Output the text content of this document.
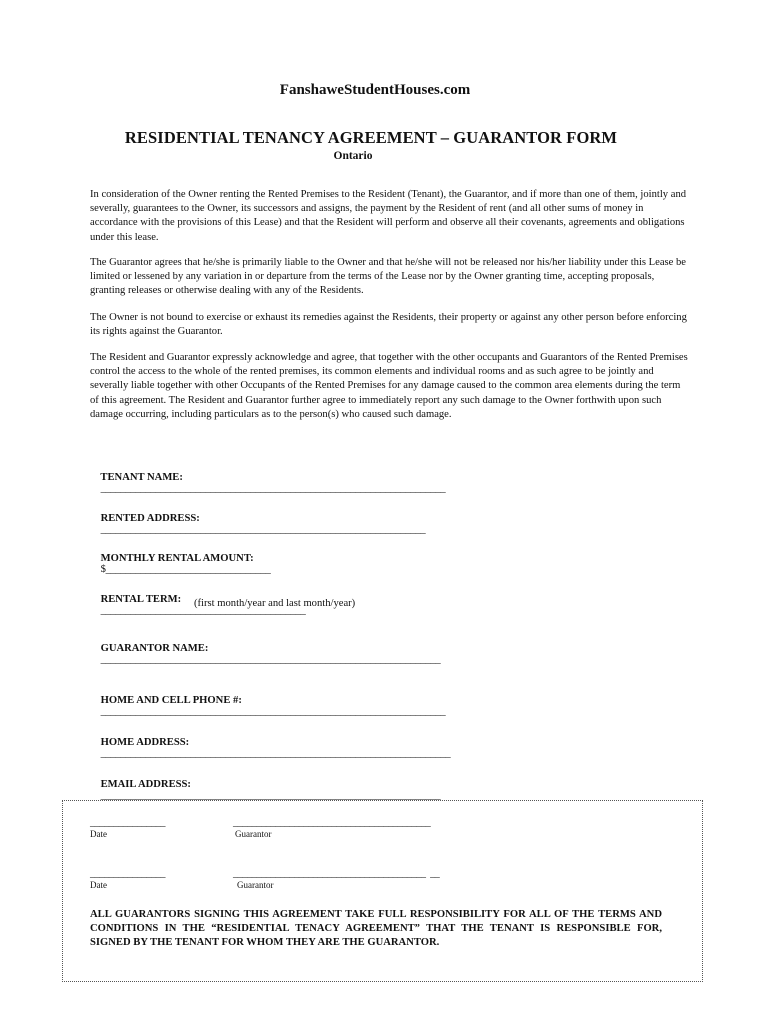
FanshaweStudentHouses.com
RESIDENTIAL TENANCY AGREEMENT – GUARANTOR FORM
Ontario

In consideration of the Owner renting the Rented Premises to the Resident (Tenant), the Guarantor, and if more than one of them, jointly and severally, guarantees to the Owner, its successors and assigns, the payment by the Resident of rent (and all other sums of money in accordance with the provisions of this Lease) and that the Resident will perform and observe all their covenants, agreements and obligations under this lease.

The Guarantor agrees that he/she is primarily liable to the Owner and that he/she will not be released nor his/her liability under this Lease be limited or lessened by any variation in or departure from the terms of the Lease nor by the Owner granting time, accepting proposals, granting releases or otherwise dealing with any of the Residents.

The Owner is not bound to exercise or exhaust its remedies against the Residents, their property or against any other person before enforcing its rights against the Guarantor.

The Resident and Guarantor expressly acknowledge and agree, that together with the other occupants and Guarantors of the Rented Premises control the access to the whole of the rented premises, its common elements and individual rooms and as such agree to be jointly and severally liable together with other Occupants of the Rented Premises for any damage caused to the common area elements during the term of this agreement. The Resident and Guarantor further agree to immediately report any such damage to the Owner forthwith upon such damage occurring, including particulars as to the person(s) who caused such damage.

TENANT NAME:
_____________________________________________________________________

RENTED ADDRESS:
_________________________________________________________________

MONTHLY RENTAL AMOUNT:
$_________________________________

RENTAL TERM:
_________________________________________

(first month/year and last month/year)

GUARANTOR NAME:
____________________________________________________________________

HOME AND CELL PHONE #:
_____________________________________________________________________

HOME ADDRESS:
______________________________________________________________________

EMAIL ADDRESS:
____________________________________________________________________

________________	__________________________________________
Date	Guarantor
________________	_________________________________________  __
Date	Guarantor

ALL GUARANTORS SIGNING THIS AGREEMENT TAKE FULL RESPONSIBILITY FOR ALL OF THE TERMS AND CONDITIONS IN THE “RESIDENTIAL TENACY AGREEMENT” THAT THE TENANT IS RESPONSIBLE FOR, SIGNED BY THE TENANT FOR WHOM THEY ARE THE GUARANTOR.
